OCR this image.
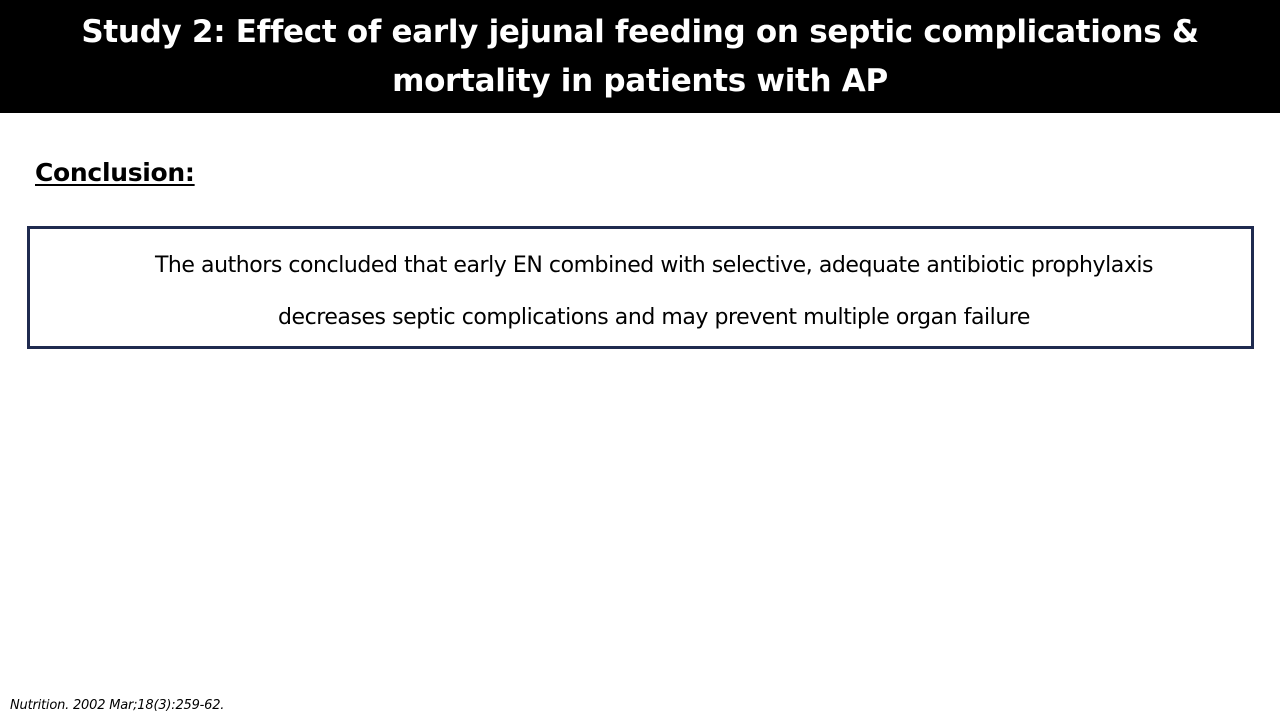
Study 2: Effect of early jejunal feeding on septic complications &
mortality in patients with AP
Conclusion:
The authors concluded that early EN combined with selective, adequate antibiotic prophylaxis
decreases septic complications and may prevent multiple organ failure
Nutrition. 2002 Mar;18(3):259-62.
